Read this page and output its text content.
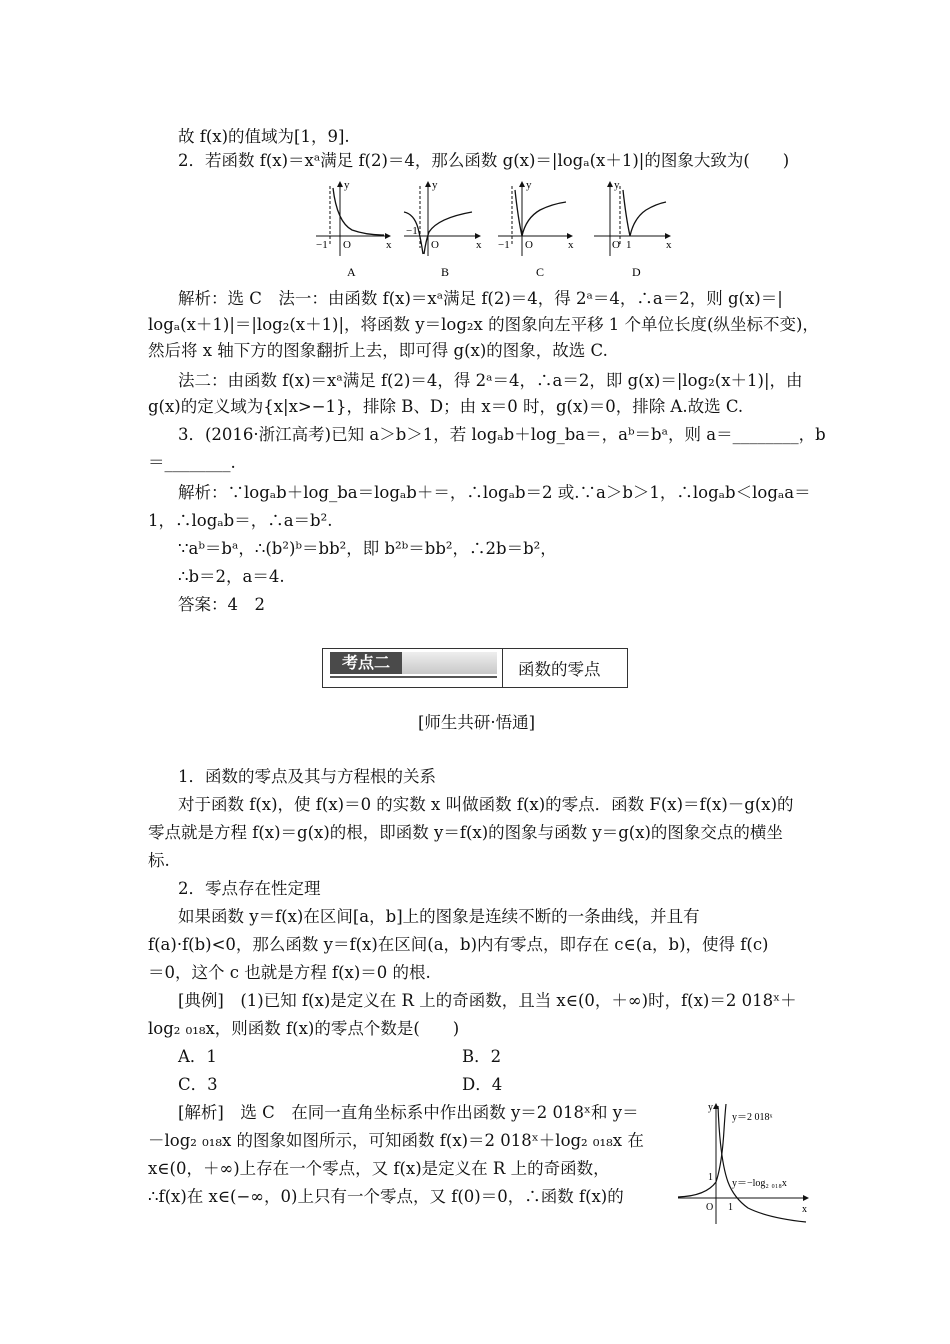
故 f(x)的值域为[1，9].
2．若函数 f(x)＝xᵃ满足 f(2)＝4，那么函数 g(x)＝|logₐ(x＋1)|的图象大致为(　　)
y
x
O
−1
A
y
x
O
−1
B
y
x
O
−1
C
y
x
O 1
D
解析：选 C　法一：由函数 f(x)＝xᵃ满足 f(2)＝4，得 2ᵃ＝4，∴a＝2，则 g(x)＝|
logₐ(x＋1)|＝|log₂(x＋1)|，将函数 y＝log₂x 的图象向左平移 1 个单位长度(纵坐标不变)，
然后将 x 轴下方的图象翻折上去，即可得 g(x)的图象，故选 C.
法二：由函数 f(x)＝xᵃ满足 f(2)＝4，得 2ᵃ＝4，∴a＝2，即 g(x)＝|log₂(x＋1)|，由
g(x)的定义域为{x|x>−1}，排除 B、D；由 x＝0 时，g(x)＝0，排除 A.故选 C.
3．(2016·浙江高考)已知 a＞b＞1，若 logₐb＋log_ba＝，aᵇ＝bᵃ，则 a＝________，b
＝________.
解析：∵logₐb＋log_ba＝logₐb＋＝，∴logₐb＝2 或.∵a＞b＞1，∴logₐb＜logₐa＝
1，∴logₐb＝，∴a＝b².
∵aᵇ＝bᵃ，∴(b²)ᵇ＝bb²，即 b²ᵇ＝bb²，∴2b＝b²，
∴b＝2，a＝4.
答案：4　2
考点二	函数的零点
[师生共研·悟通]
1．函数的零点及其与方程根的关系
对于函数 f(x)，使 f(x)＝0 的实数 x 叫做函数 f(x)的零点．函数 F(x)＝f(x)－g(x)的
零点就是方程 f(x)＝g(x)的根，即函数 y＝f(x)的图象与函数 y＝g(x)的图象交点的横坐
标.
2．零点存在性定理
如果函数 y＝f(x)在区间[a，b]上的图象是连续不断的一条曲线，并且有
f(a)·f(b)<0，那么函数 y＝f(x)在区间(a，b)内有零点，即存在 c∈(a，b)，使得 f(c)
＝0，这个 c 也就是方程 f(x)＝0 的根.
[典例]　(1)已知 f(x)是定义在 R 上的奇函数，且当 x∈(0，＋∞)时，f(x)＝2 018ˣ＋
log₂ ₀₁₈x，则函数 f(x)的零点个数是(　　)
A．1	B．2
C．3	D．4
[解析]　选 C　在同一直角坐标系中作出函数 y＝2 018ˣ和 y＝
－log₂ ₀₁₈x 的图象如图所示，可知函数 f(x)＝2 018ˣ＋log₂ ₀₁₈x 在
x∈(0，＋∞)上存在一个零点，又 f(x)是定义在 R 上的奇函数，
∴f(x)在 x∈(−∞，0)上只有一个零点，又 f(0)＝0，∴函数 f(x)的
y
x
O 1
1
y＝2 018ˣ
y＝−log₂ ₀₁₈x
